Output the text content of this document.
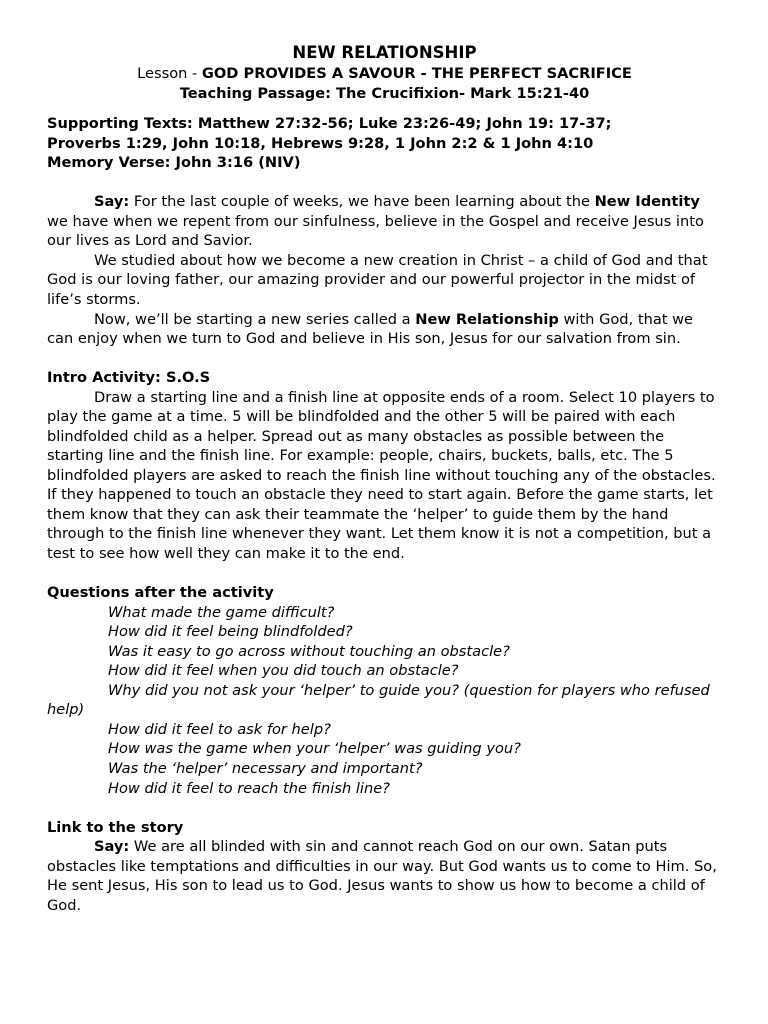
NEW RELATIONSHIP

Lesson - GOD PROVIDES A SAVOUR - THE PERFECT SACRIFICE

Teaching Passage: The Crucifixion- Mark 15:21-40

Supporting Texts: Matthew 27:32-56; Luke 23:26-49; John 19: 17-37;

Proverbs 1:29, John 10:18, Hebrews 9:28, 1 John 2:2 & 1 John 4:10

Memory Verse: John 3:16 (NIV)

Say: For the last couple of weeks, we have been learning about the New Identity we have when we repent from our sinfulness, believe in the Gospel and receive Jesus into our lives as Lord and Savior.

We studied about how we become a new creation in Christ – a child of God and that God is our loving father, our amazing provider and our powerful projector in the midst of life’s storms.

Now, we’ll be starting a new series called a New Relationship with God, that we can enjoy when we turn to God and believe in His son, Jesus for our salvation from sin.

Intro Activity: S.O.S

Draw a starting line and a finish line at opposite ends of a room. Select 10 players to play the game at a time. 5 will be blindfolded and the other 5 will be paired with each blindfolded child as a helper. Spread out as many obstacles as possible between the starting line and the finish line. For example: people, chairs, buckets, balls, etc. The 5 blindfolded players are asked to reach the finish line without touching any of the obstacles. If they happened to touch an obstacle they need to start again. Before the game starts, let them know that they can ask their teammate the ‘helper’ to guide them by the hand through to the finish line whenever they want. Let them know it is not a competition, but a test to see how well they can make it to the end.

Questions after the activity

What made the game difficult?

How did it feel being blindfolded?

Was it easy to go across without touching an obstacle?

How did it feel when you did touch an obstacle?

Why did you not ask your ‘helper’ to guide you? (question for players who refused help)

How did it feel to ask for help?

How was the game when your ‘helper’ was guiding you?

Was the ‘helper’ necessary and important?

How did it feel to reach the finish line?

Link to the story

Say: We are all blinded with sin and cannot reach God on our own. Satan puts obstacles like temptations and difficulties in our way. But God wants us to come to Him. So, He sent Jesus, His son to lead us to God. Jesus wants to show us how to become a child of God.
